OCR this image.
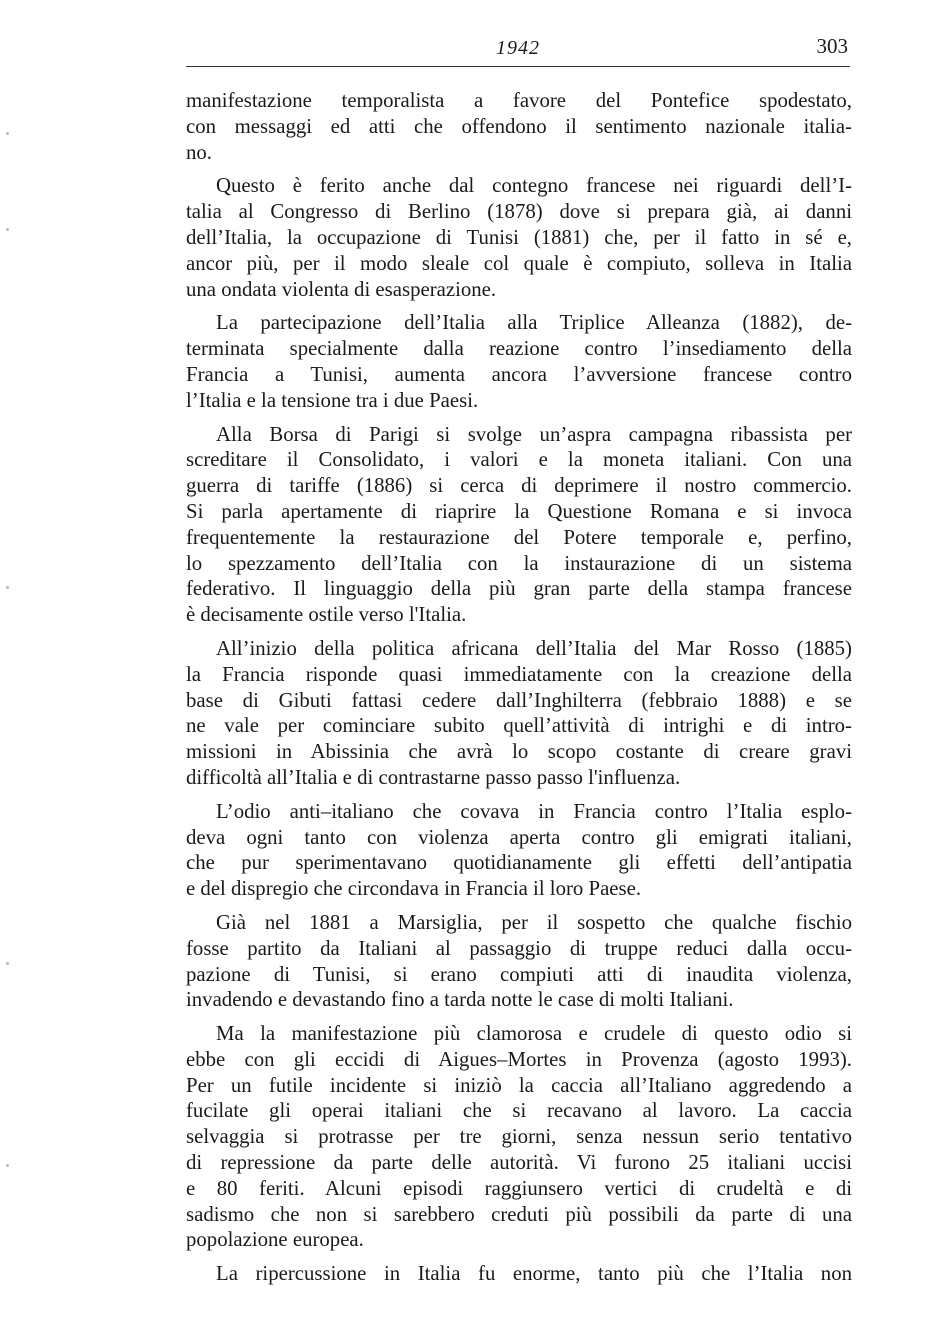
1942	303
manifestazione temporalista a favore del Pontefice spodestato,
con messaggi ed atti che offendono il sentimento nazionale italia-
no.
Questo è ferito anche dal contegno francese nei riguardi dell’I-
talia al Congresso di Berlino (1878) dove si prepara già, ai danni
dell’Italia, la occupazione di Tunisi (1881) che, per il fatto in sé e,
ancor più, per il modo sleale col quale è compiuto, solleva in Italia
una ondata violenta di esasperazione.
La partecipazione dell’Italia alla Triplice Alleanza (1882), de-
terminata specialmente dalla reazione contro l’insediamento della
Francia a Tunisi, aumenta ancora l’avversione francese contro
l’Italia e la tensione tra i due Paesi.
Alla Borsa di Parigi si svolge un’aspra campagna ribassista per
screditare il Consolidato, i valori e la moneta italiani. Con una
guerra di tariffe (1886) si cerca di deprimere il nostro commercio.
Si parla apertamente di riaprire la Questione Romana e si invoca
frequentemente la restaurazione del Potere temporale e, perfino,
lo spezzamento dell’Italia con la instaurazione di un sistema
federativo. Il linguaggio della più gran parte della stampa francese
è decisamente ostile verso l'Italia.
All’inizio della politica africana dell’Italia del Mar Rosso (1885)
la Francia risponde quasi immediatamente con la creazione della
base di Gibuti fattasi cedere dall’Inghilterra (febbraio 1888) e se
ne vale per cominciare subito quell’attività di intrighi e di intro-
missioni in Abissinia che avrà lo scopo costante di creare gravi
difficoltà all’Italia e di contrastarne passo passo l'influenza.
L’odio anti–italiano che covava in Francia contro l’Italia esplo-
deva ogni tanto con violenza aperta contro gli emigrati italiani,
che pur sperimentavano quotidianamente gli effetti dell’antipatia
e del dispregio che circondava in Francia il loro Paese.
Già nel 1881 a Marsiglia, per il sospetto che qualche fischio
fosse partito da Italiani al passaggio di truppe reduci dalla occu-
pazione di Tunisi, si erano compiuti atti di inaudita violenza,
invadendo e devastando fino a tarda notte le case di molti Italiani.
Ma la manifestazione più clamorosa e crudele di questo odio si
ebbe con gli eccidi di Aigues–Mortes in Provenza (agosto 1993).
Per un futile incidente si iniziò la caccia all’Italiano aggredendo a
fucilate gli operai italiani che si recavano al lavoro. La caccia
selvaggia si protrasse per tre giorni, senza nessun serio tentativo
di repressione da parte delle autorità. Vi furono 25 italiani uccisi
e 80 feriti. Alcuni episodi raggiunsero vertici di crudeltà e di
sadismo che non si sarebbero creduti più possibili da parte di una
popolazione europea.
La ripercussione in Italia fu enorme, tanto più che l’Italia non
